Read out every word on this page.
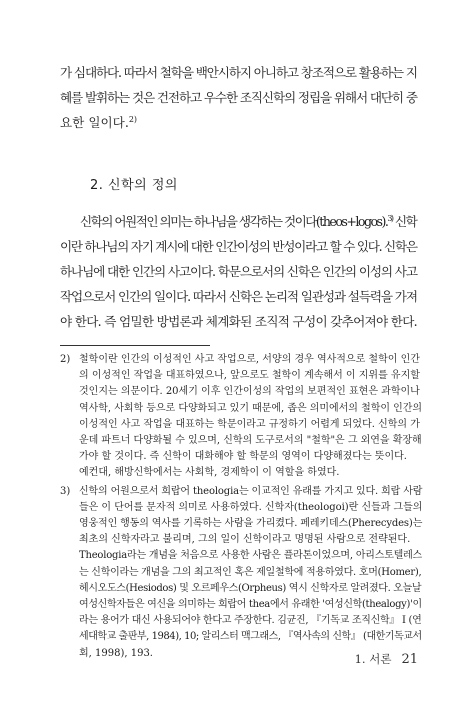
가 심대하다. 따라서 철학을 백안시하지 아니하고 창조적으로 활용하는 지
혜를 발휘하는 것은 건전하고 우수한 조직신학의 정립을 위해서 대단히 중
요한 일이다.$^{2)}$
2. 신학의 정의
신학의 어원적인 의미는 하나님을 생각하는 것이다(theos+logos).$^{3)}$ 신학
이란 하나님의 자기 계시에 대한 인간이성의 반성이라고 할 수 있다. 신학은
하나님에 대한 인간의 사고이다. 학문으로서의 신학은 인간의 이성의 사고
작업으로서 인간의 일이다. 따라서 신학은 논리적 일관성과 설득력을 가져
야 한다. 즉 엄밀한 방법론과 체계화된 조직적 구성이 갖추어져야 한다.
2) 철학이란 인간의 이성적인 사고 작업으로, 서양의 경우 역사적으로 철학이 인간
의 이성적인 작업을 대표하였으나, 앞으로도 철학이 계속해서 이 지위를 유지할
것인지는 의문이다. 20세기 이후 인간이성의 작업의 보편적인 표현은 과학이나
역사학, 사회학 등으로 다양화되고 있기 때문에, 좁은 의미에서의 철학이 인간의
이성적인 사고 작업을 대표하는 학문이라고 규정하기 어렵게 되었다. 신학의 가
운데 파트너 다양화될 수 있으며, 신학의 도구로서의 "철학"은 그 외연을 확장해
가야 할 것이다. 즉 신학이 대화해야 할 학문의 영역이 다양해졌다는 뜻이다.
예컨대, 해방신학에서는 사회학, 경제학이 이 역할을 하였다.
3) 신학의 어원으로서 희랍어 theologia는 이교적인 유래를 가지고 있다. 희랍 사람
들은 이 단어를 문자적 의미로 사용하였다. 신학자(theologoi)란 신들과 그들의
영웅적인 행동의 역사를 기록하는 사람을 가리켰다. 페레키데스(Pherecydes)는
최초의 신학자라고 불리며, 그의 일이 신학이라고 명명된 사람으로 전략된다.
Theologia라는 개념을 처음으로 사용한 사람은 플라톤이었으며, 아리스토텔레스
는 신학이라는 개념을 그의 최고적인 혹은 제일철학에 적용하였다. 호머(Homer),
헤시오도스(Hesiodos) 및 오르페우스(Orpheus) 역시 신학자로 알려졌다. 오늘날
여성신학자들은 여신을 의미하는 희랍어 thea에서 유래한 '여성신학(thealogy)'이
라는 용어가 대신 사용되어야 한다고 주장한다. 김균진, 『기독교 조직신학』 I (연
세대학교 출판부, 1984), 10; 알리스터 맥그래스, 『역사속의 신학』 (대한기독교서
회, 1998), 193.	1. 서론 21
